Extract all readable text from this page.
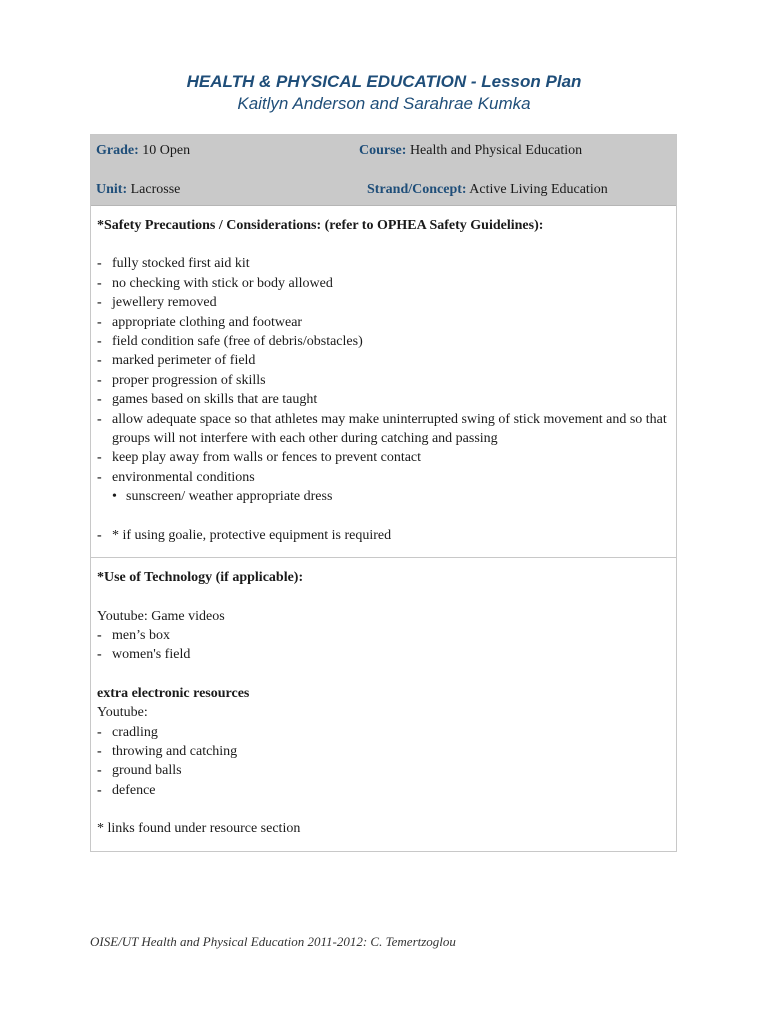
HEALTH & PHYSICAL EDUCATION - Lesson Plan
Kaitlyn Anderson and Sarahrae Kumka
Grade: 10 Open	Course: Health and Physical Education
Unit: Lacrosse	Strand/Concept: Active Living Education
*Safety Precautions / Considerations: (refer to OPHEA Safety Guidelines):
- fully stocked first aid kit
- no checking with stick or body allowed
- jewellery removed
- appropriate clothing and footwear
- field condition safe (free of debris/obstacles)
- marked perimeter of field
- proper progression of skills
- games based on skills that are taught
- allow adequate space so that athletes may make uninterrupted swing of stick movement and so that groups will not interfere with each other during catching and passing
- keep play away from walls or fences to prevent contact
- environmental conditions
• sunscreen/ weather appropriate dress
- * if using goalie, protective equipment is required
*Use of Technology (if applicable):
Youtube: Game videos
- men’s box
- women's field
extra electronic resources
Youtube:
- cradling
- throwing and catching
- ground balls
- defence
* links found under resource section
OISE/UT Health and Physical Education 2011-2012: C. Temertzoglou
